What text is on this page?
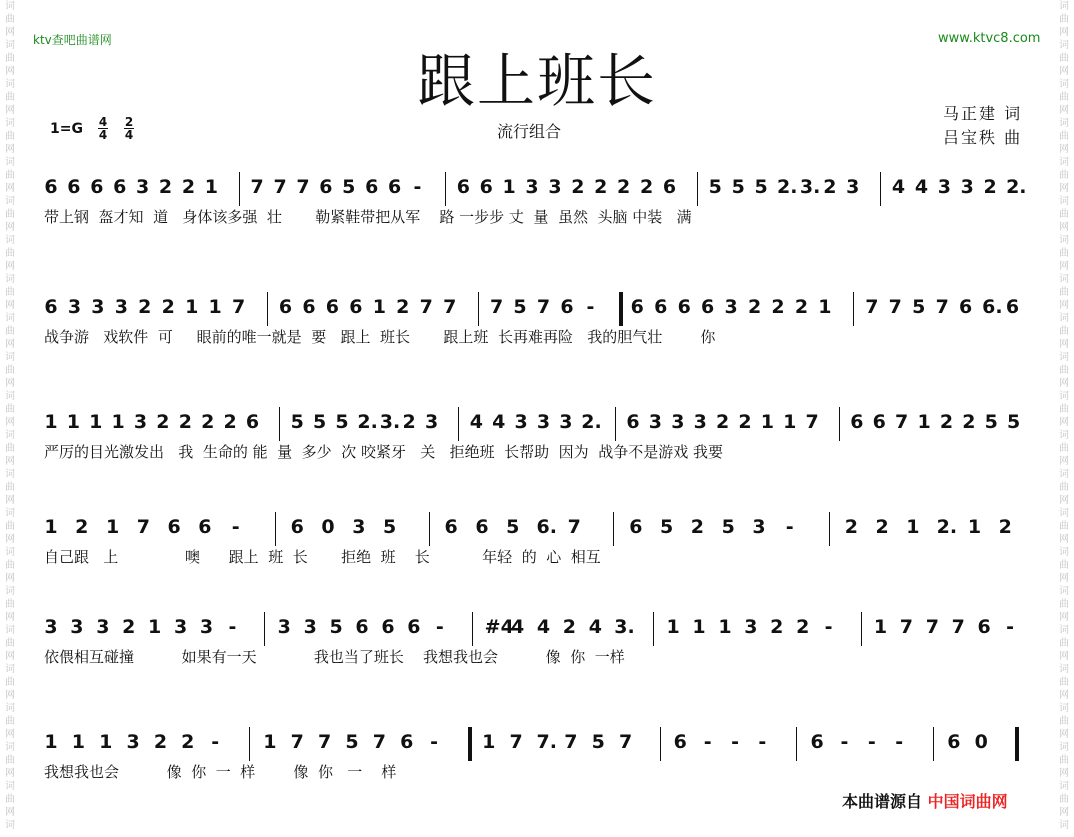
词
曲
网
词
曲
网
词
曲
网
词
曲
网
词
曲
网
词
曲
网
词
曲
网
词
曲
网
词
曲
网
词
曲
网
词
曲
网
词
曲
网
词
曲
网
词
曲
网
词
曲
网
词
曲
网
词
曲
网
词
曲
网
词
曲
网
词
曲
网
词
曲
网
词
词
曲
网
词
曲
网
词
曲
网
词
曲
网
词
曲
网
词
曲
网
词
曲
网
词
曲
网
词
曲
网
词
曲
网
词
曲
网
词
曲
网
词
曲
网
词
曲
网
词
曲
网
词
曲
网
词
曲
网
词
曲
网
词
曲
网
词
曲
网
词
曲
网
词
ktv查吧曲谱网	www.ktvc8.com
跟上班长
1=G 4
4
2
4	流行组合
马正建 词
吕宝秩 曲
6 6 6 6 3 2 2 1 7 7 7 6 5 6 6 - 6 6 1 3 3 2 2 2 2 6 5 5 5 2. 3. 2 3 4 4 3 3 2 2.
带上钢  盔才知  道   身体该多强  壮       勒紧鞋带把从军    路 一步步 丈  量  虽然  头脑 中装   满
6 3 3 3 2 2 1 1 7 6 6 6 6 1 2 7 7 7 5 7 6 - 6 6 6 6 3 2 2 2 1 7 7 5 7 6 6. 6
战争游   戏软件  可     眼前的唯一就是  要   跟上  班长       跟上班  长再难再险   我的胆气壮        你
1 1 1 1 3 2 2 2 2 6 5 5 5 2. 3. 2 3 4 4 3 3 3 2. 6 3 3 3 2 2 1 1 7 6 6 7 1 2 2 5 5
严厉的目光激发出   我  生命的 能  量  多少  次 咬紧牙   关   拒绝班  长帮助  因为  战争不是游戏 我要
1 2 1 7 6 6 -	6 0 3 5	6 6 5 6. 7	6 5 2 5 3 -	2 2 1 2. 1 2
自己跟   上              噢      跟上  班  长       拒绝  班    长           年轻  的  心  相互
3 3 3 2 1 3 3 - 3 3 5 6 6 6 - #4
4 4 2 4 3. 1 1 1 3 2 2 - 1 7 7 7 6 -
依偎相互碰撞          如果有一天            我也当了班长    我想我也会          像  你  一样
1 1 1 3 2 2 - 1 7 7 5 7 6 - 1 7 7. 7 5 7 6 - - - 6 - - - 6 0
我想我也会          像  你  一  样        像  你   一    样
本曲谱源自 中国词曲网
